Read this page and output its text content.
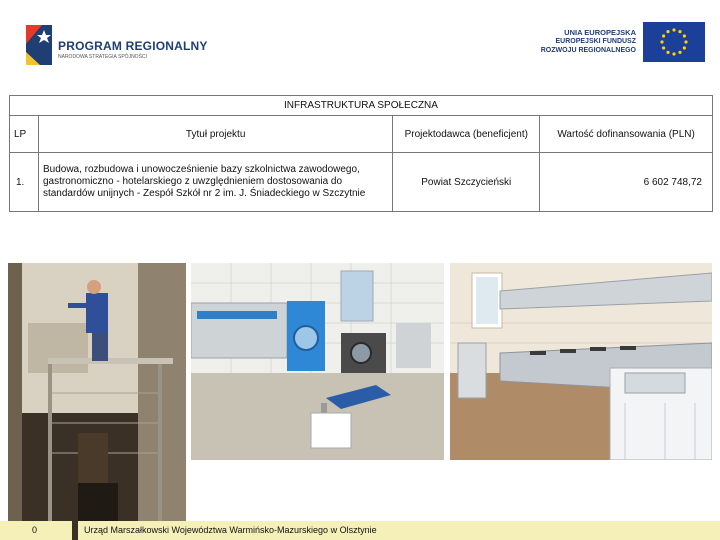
PROGRAM REGIONALNY
NARODOWA STRATEGIA SPÓJNOŚCI
UNIA EUROPEJSKA
EUROPEJSKI FUNDUSZ
ROZWOJU REGIONALNEGO
INFRASTRUKTURA SPOŁECZNA			
LP	Tytuł projektu	Projektodawca (beneficjent)	Wartość dofinansowania (PLN)
1.	Budowa, rozbudowa i unowocześnienie bazy szkolnictwa zawodowego, gastronomiczno - hotelarskiego z uwzględnieniem dostosowania do standardów unijnych - Zespół Szkół nr 2 im. J. Śniadeckiego w Szczytnie	Powiat Szczycieński	6 602 748,72
0	Urząd Marszałkowski Województwa Warmińsko-Mazurskiego w Olsztynie
